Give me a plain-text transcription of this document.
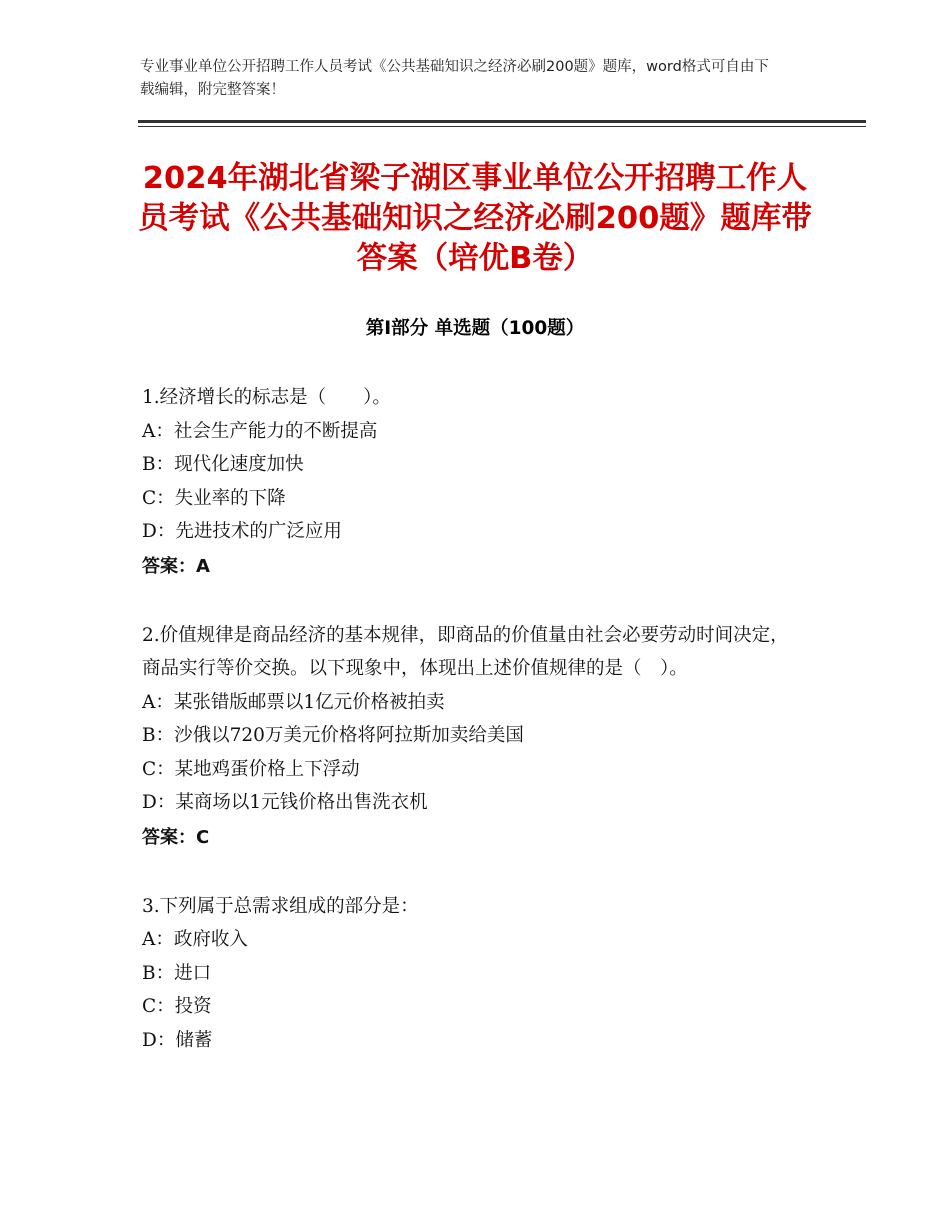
专业事业单位公开招聘工作人员考试《公共基础知识之经济必刷200题》题库，word格式可自由下载编辑，附完整答案！
2024年湖北省梁子湖区事业单位公开招聘工作人员考试《公共基础知识之经济必刷200题》题库带答案（培优B卷）
第Ⅰ部分 单选题（100题）
1.经济增长的标志是（　　）。
A：社会生产能力的不断提高
B：现代化速度加快
C：失业率的下降
D：先进技术的广泛应用
答案：A
2.价值规律是商品经济的基本规律，即商品的价值量由社会必要劳动时间决定，商品实行等价交换。以下现象中，体现出上述价值规律的是（　）。
A：某张错版邮票以1亿元价格被拍卖
B：沙俄以720万美元价格将阿拉斯加卖给美国
C：某地鸡蛋价格上下浮动
D：某商场以1元钱价格出售洗衣机
答案：C
3.下列属于总需求组成的部分是：
A：政府收入
B：进口
C：投资
D：储蓄
